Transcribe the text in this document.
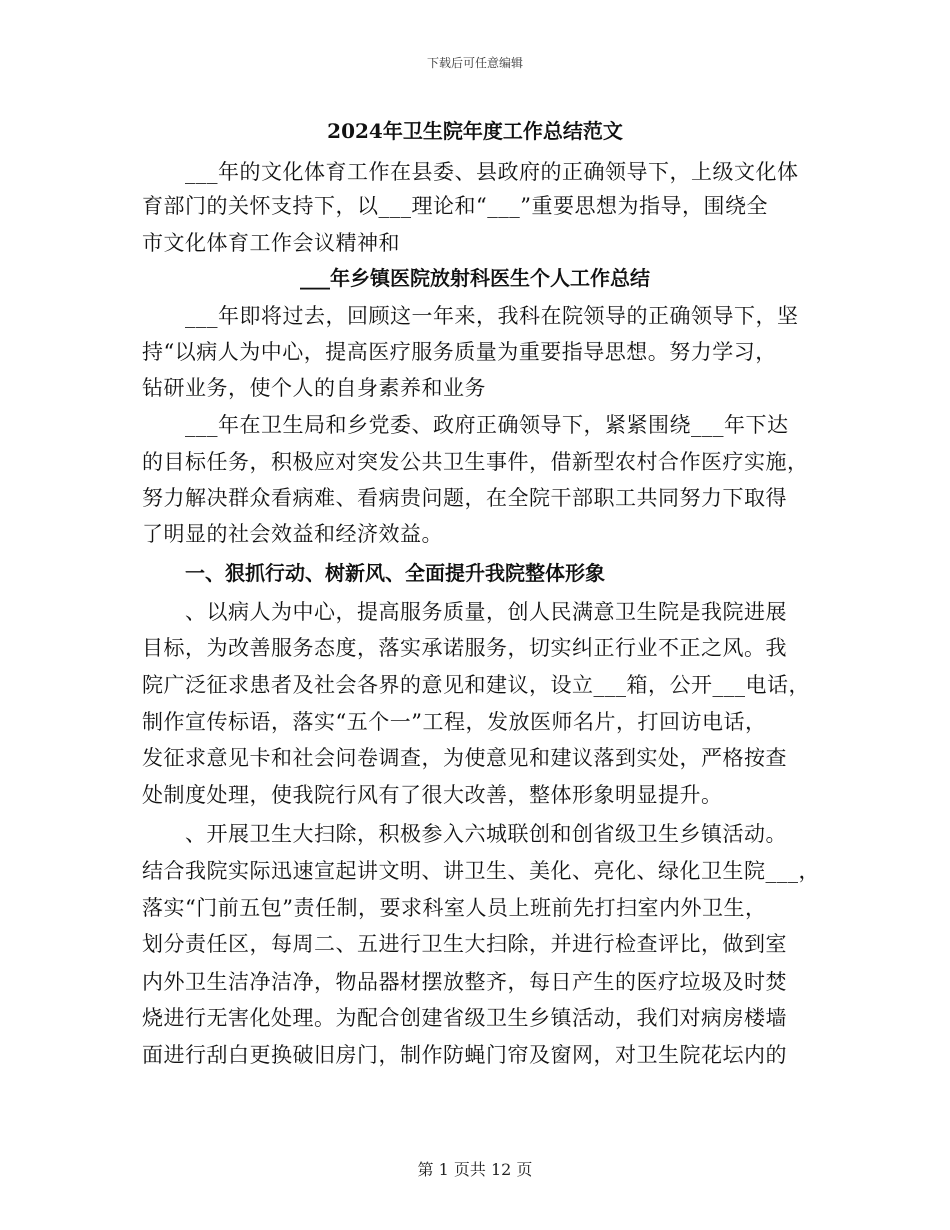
下载后可任意编辑
2024年卫生院年度工作总结范文
___年的文化体育工作在县委、县政府的正确领导下，上级文化体
育部门的关怀支持下，以___理论和“___”重要思想为指导，围绕全
市文化体育工作会议精神和
___年乡镇医院放射科医生个人工作总结
___年即将过去，回顾这一年来，我科在院领导的正确领导下，坚
持“以病人为中心，提高医疗服务质量为重要指导思想。努力学习，
钻研业务，使个人的自身素养和业务
___年在卫生局和乡党委、政府正确领导下，紧紧围绕___年下达
的目标任务，积极应对突发公共卫生事件，借新型农村合作医疗实施，
努力解决群众看病难、看病贵问题，在全院干部职工共同努力下取得
了明显的社会效益和经济效益。
一、狠抓行动、树新风、全面提升我院整体形象
、以病人为中心，提高服务质量，创人民满意卫生院是我院进展
目标，为改善服务态度，落实承诺服务，切实纠正行业不正之风。我
院广泛征求患者及社会各界的意见和建议，设立___箱，公开___电话，
制作宣传标语，落实“五个一”工程，发放医师名片，打回访电话，
发征求意见卡和社会问卷调查，为使意见和建议落到实处，严格按查
处制度处理，使我院行风有了很大改善，整体形象明显提升。
、开展卫生大扫除，积极参入六城联创和创省级卫生乡镇活动。
结合我院实际迅速宣起讲文明、讲卫生、美化、亮化、绿化卫生院___，
落实“门前五包”责任制，要求科室人员上班前先打扫室内外卫生，
划分责任区，每周二、五进行卫生大扫除，并进行检查评比，做到室
内外卫生洁净洁净，物品器材摆放整齐，每日产生的医疗垃圾及时焚
烧进行无害化处理。为配合创建省级卫生乡镇活动，我们对病房楼墙
面进行刮白更换破旧房门，制作防蝇门帘及窗网，对卫生院花坛内的
第 1 页共 12 页
